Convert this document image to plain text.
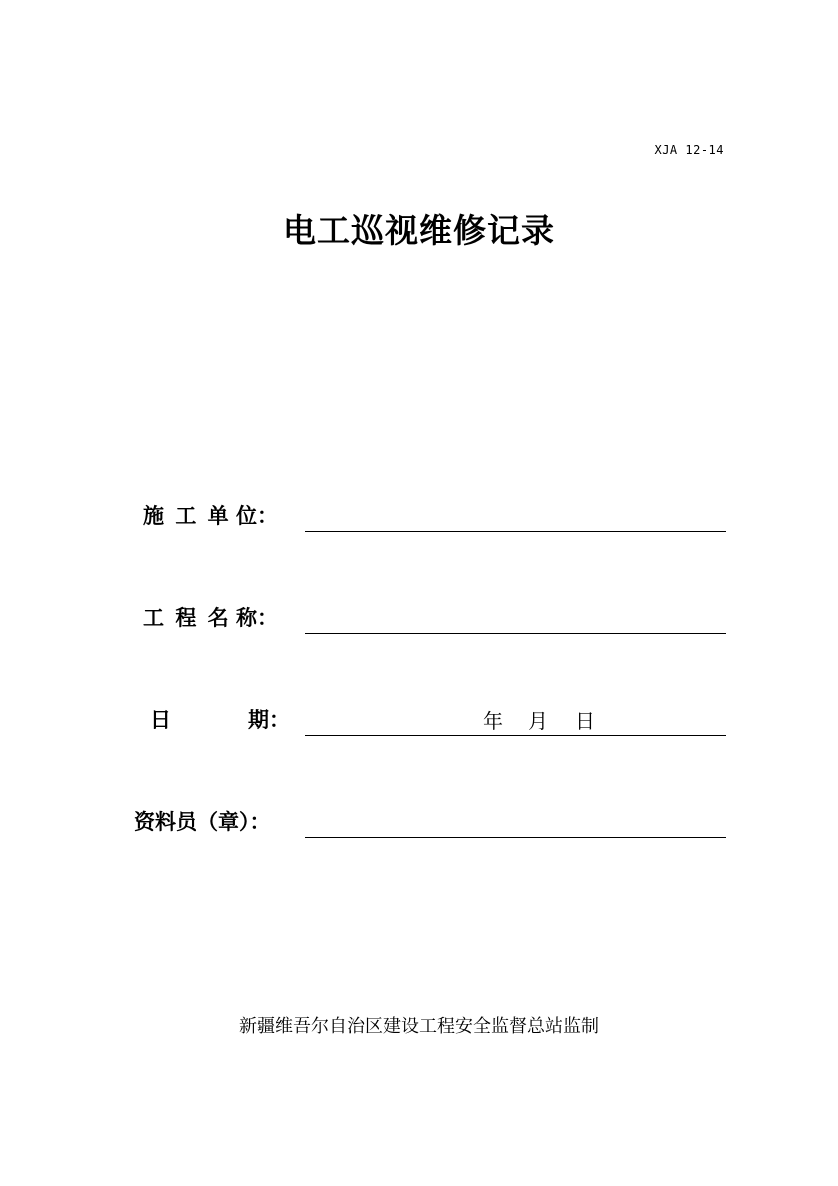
XJA 12-14
电工巡视维修记录
施 工 单 位：
工 程 名 称：
日	期：	年 月 日
资料员（章）：
新疆维吾尔自治区建设工程安全监督总站监制
